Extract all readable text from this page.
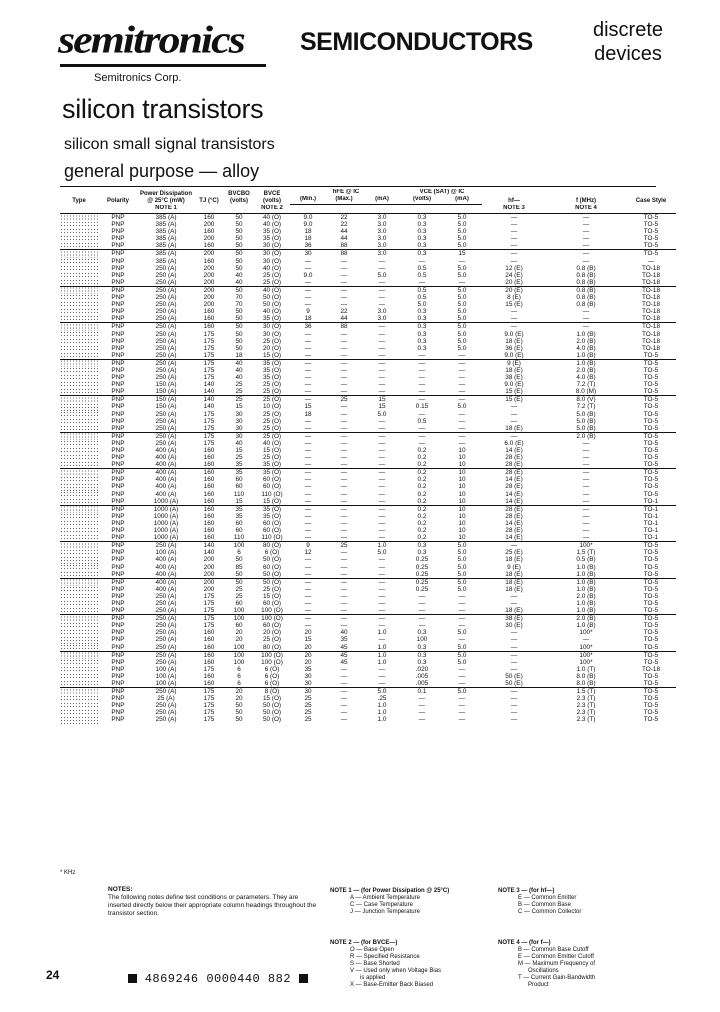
semitronics
Semitronics Corp.
SEMICONDUCTORS	discrete
devices
silicon transistors
silicon small signal transistors
general purpose — alloy
Type	Polarity	Power Dissipation @ 25°C (mW)	TJ (°C)	BVCBO (volts)	BVCE (volts)	hFE @ IC			VCE (SAT) @ IC		hf—	f (MHz)	Case Style
						(Min.)	(Max.)	(mA)	(volts)	(mA)			
		NOTE 1			NOTE 2						NOTE 3	NOTE 4	
	PNP	385 (A)	160	50	40 (O)	9.0	22	3.0	0.3	5.0	—	—	TO-5
	PNP	385 (A)	200	50	40 (O)	9.0	22	3.0	0.3	5.0	—	—	TO-5
	PNP	385 (A)	160	50	35 (O)	18	44	3.0	0.3	5.0	—	—	TO-5
	PNP	385 (A)	200	50	35 (O)	18	44	3.0	0.3	5.0	—	—	TO-5
	PNP	385 (A)	160	50	30 (O)	36	88	3.0	0.3	5.0	—	—	TO-5
	PNP	385 (A)	200	50	30 (O)	30	88	3.0	0.3	15	—	—	TO-5
	PNP	385 (A)	160	50	30 (O)	—	—	—	—	—	—	—	—
	PNP	250 (A)	200	50	40 (O)	—	—	—	0.5	5.0	12 (E)	0.8 (B)	TO-18
	PNP	250 (A)	200	40	25 (O)	9.0	—	5.0	0.5	5.0	24 (E)	0.8 (B)	TO-18
	PNP	250 (A)	200	40	25 (O)	—	—	—	—	—	20 (E)	0.8 (B)	TO-18
	PNP	250 (A)	200	50	40 (O)	—	—	—	0.5	5.0	20 (E)	0.8 (B)	TO-18
	PNP	250 (A)	200	70	50 (O)	—	—	—	0.5	5.0	8 (E)	0.8 (B)	TO-18
	PNP	250 (A)	200	70	50 (O)	—	—	—	5.0	5.0	15 (E)	0.8 (B)	TO-18
	PNP	250 (A)	160	50	40 (O)	9	22	3.0	0.3	5.0	—	—	TO-18
	PNP	250 (A)	160	50	35 (O)	18	44	3.0	0.3	5.0	—	—	TO-18
	PNP	250 (A)	160	50	30 (O)	36	88	—	0.3	5.0	—	—	TO-18
	PNP	250 (A)	175	50	30 (O)	—	—	—	0.3	5.0	9.0 (E)	1.0 (B)	TO-18
	PNP	250 (A)	175	50	25 (O)	—	—	—	0.3	5.0	18 (E)	2.0 (B)	TO-18
	PNP	250 (A)	175	50	20 (O)	—	—	—	0.3	5.0	36 (E)	4.0 (B)	TO-18
	PNP	250 (A)	175	18	15 (O)	—	—	—	—	—	9.0 (E)	1.0 (B)	TO-5
	PNP	250 (A)	175	40	35 (O)	—	—	—	—	—	9 (E)	1.0 (B)	TO-5
	PNP	250 (A)	175	40	35 (O)	—	—	—	—	—	18 (E)	2.0 (B)	TO-5
	PNP	250 (A)	175	40	35 (O)	—	—	—	—	—	38 (E)	4.0 (B)	TO-5
	PNP	150 (A)	140	25	25 (O)	—	—	—	—	—	9.0 (E)	7.2 (T)	TO-5
	PNP	150 (A)	140	25	25 (O)	—	—	—	—	—	15 (E)	8.0 (M)	TO-5
	PNP	150 (A)	140	25	25 (O)	—	25	15	—	—	15 (E)	8.0 (V)	TO-5
	PNP	150 (A)	140	15	10 (O)	15	—	15	0.15	5.0	—	7.2 (T)	TO-5
	PNP	250 (A)	175	30	25 (O)	18	—	5.0	—	—	—	5.0 (B)	TO-5
	PNP	250 (A)	175	30	25 (O)	—	—	—	0.5	—	—	5.0 (B)	TO-5
	PNP	250 (A)	175	30	25 (O)	—	—	—	—	—	18 (E)	5.0 (B)	TO-5
	PNP	250 (A)	175	30	25 (O)	—	—	—	—	—	—	2.0 (B)	TO-5
	PNP	250 (A)	175	40	40 (O)	—	—	—	—	—	6.0 (E)	—	TO-5
	PNP	400 (A)	160	15	15 (O)	—	—	—	0.2	10	14 (E)	—	TO-5
	PNP	400 (A)	160	25	25 (O)	—	—	—	0.2	10	28 (E)	—	TO-5
	PNP	400 (A)	160	35	35 (O)	—	—	—	0.2	10	28 (E)	—	TO-5
	PNP	400 (A)	160	35	35 (O)	—	—	—	0.2	10	28 (E)	—	TO-5
	PNP	400 (A)	160	60	60 (O)	—	—	—	0.2	10	14 (E)	—	TO-5
	PNP	400 (A)	160	60	60 (O)	—	—	—	0.2	10	28 (E)	—	TO-5
	PNP	400 (A)	160	110	110 (O)	—	—	—	0.2	10	14 (E)	—	TO-5
	PNP	1000 (A)	160	15	15 (O)	—	—	—	0.2	10	14 (E)	—	TO-1
	PNP	1000 (A)	160	35	35 (O)	—	—	—	0.2	10	28 (E)	—	TO-1
	PNP	1000 (A)	160	35	35 (O)	—	—	—	0.2	10	28 (E)	—	TO-1
	PNP	1000 (A)	160	60	60 (O)	—	—	—	0.2	10	14 (E)	—	TO-1
	PNP	1000 (A)	160	60	60 (O)	—	—	—	0.2	10	28 (E)	—	TO-1
	PNP	1000 (A)	160	110	110 (O)	—	—	—	0.2	10	14 (E)	—	TO-1
	PNP	250 (A)	140	100	80 (O)	9	25	1.0	0.3	5.0	—	100*	TO-5
	PNP	100 (A)	140	6	6 (O)	12	—	5.0	0.3	5.0	25 (E)	1.5 (T)	TO-5
	PNP	400 (A)	200	50	50 (O)	—	—	—	0.25	5.0	18 (E)	0.5 (B)	TO-5
	PNP	400 (A)	200	85	60 (O)	—	—	—	0.25	5.0	9 (E)	1.0 (B)	TO-5
	PNP	400 (A)	200	50	50 (O)	—	—	—	0.25	5.0	18 (E)	1.0 (B)	TO-5
	PNP	400 (A)	200	50	50 (O)	—	—	—	0.25	5.0	18 (E)	1.0 (B)	TO-5
	PNP	400 (A)	200	25	25 (O)	—	—	—	0.25	5.0	18 (E)	1.0 (B)	TO-5
	PNP	250 (A)	175	25	15 (O)	—	—	—	—	—	—	2.0 (B)	TO-5
	PNP	250 (A)	175	60	60 (O)	—	—	—	—	—	—	1.0 (B)	TO-5
	PNP	250 (A)	175	100	100 (O)	—	—	—	—	—	18 (E)	1.0 (B)	TO-5
	PNP	250 (A)	175	100	100 (O)	—	—	—	—	—	38 (E)	2.0 (B)	TO-5
	PNP	250 (A)	175	60	60 (O)	—	—	—	—	—	30 (E)	1.0 (B)	TO-5
	PNP	250 (A)	160	20	20 (O)	20	40	1.0	0.3	5.0	—	100*	TO-5
	PNP	250 (A)	160	20	25 (O)	15	35	—	100	—	—	—	TO-5
	PNP	250 (A)	160	100	80 (O)	20	45	1.0	0.3	5.0	—	100*	TO-5
	PNP	250 (A)	160	100	100 (O)	20	45	1.0	0.3	5.0	—	100*	TO-5
	PNP	250 (A)	160	100	100 (O)	20	45	1.0	0.3	5.0	—	100*	TO-5
	PNP	100 (A)	175	6	6 (O)	35	—	—	.020	—	—	1.0 (T)	TO-18
	PNP	100 (A)	160	6	6 (O)	30	—	—	.005	—	50 (E)	8.0 (B)	TO-5
	PNP	100 (A)	160	6	6 (O)	30	—	—	.005	—	50 (E)	8.0 (B)	TO-5
	PNP	250 (A)	175	20	8 (O)	30	—	5.0	0.1	5.0	—	1.5 (T)	TO-5
	PNP	25 (A)	175	20	15 (O)	25	—	.25	—	—	—	2.3 (T)	TO-5
	PNP	250 (A)	175	50	50 (O)	25	—	1.0	—	—	—	2.3 (T)	TO-5
	PNP	250 (A)	175	50	50 (O)	25	—	1.0	—	—	—	2.3 (T)	TO-5
	PNP	250 (A)	175	50	50 (O)	25	—	1.0	—	—	—	2.3 (T)	TO-5
* KHz
NOTES:
The following notes define test conditions or parameters. They are inserted directly below their appropriate column headings throughout the transistor section.
NOTE 1 — (for Power Dissipation @ 25°C)
A — Ambient Temperature
C — Case Temperature
J — Junction Temperature
NOTE 2 — (for BVCE—)
O — Base Open
R — Specified Resistance
S — Base Shorted
V — Used only when Voltage Bias
is applied
X — Base-Emitter Back Biased
NOTE 3 — (for hf—)
E — Common Emitter
B — Common Base
C — Common Collector
NOTE 4 — (for f—)
B — Common Base Cutoff
E — Common Emitter Cutoff
M — Maximum Frequency of
Oscillations
T — Current Gain-Bandwidth
Product
24	4869246 0000440 882
